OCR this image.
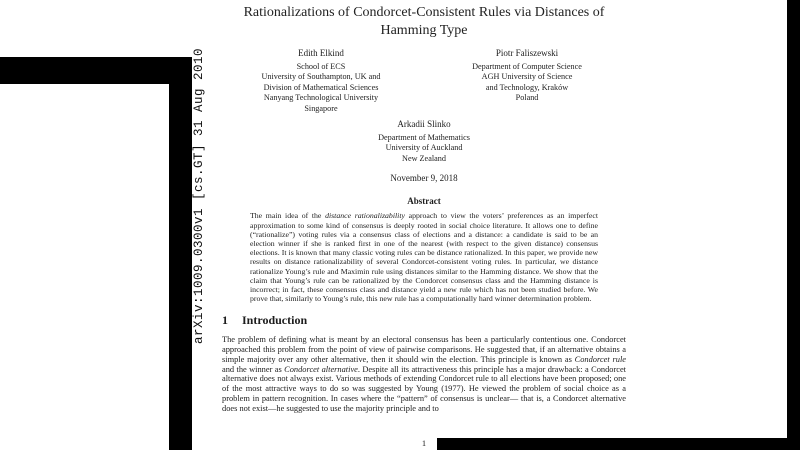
arXiv:1009.0300v1 [cs.GT] 31 Aug 2010
Rationalizations of Condorcet-Consistent Rules via Distances of
Hamming Type
Edith Elkind
School of ECS
University of Southampton, UK and
Division of Mathematical Sciences
Nanyang Technological University
Singapore
Piotr Faliszewski
Department of Computer Science
AGH University of Science
and Technology, Kraków
Poland
Arkadii Slinko
Department of Mathematics
University of Auckland
New Zealand
November 9, 2018
Abstract

The main idea of the distance rationalizability approach to view the voters’ preferences as an imperfect approximation to some kind of consensus is deeply rooted in social choice literature. It allows one to define (“rationalize”) voting rules via a consensus class of elections and a distance: a candidate is said to be an election winner if she is ranked first in one of the nearest (with respect to the given distance) consensus elections. It is known that many classic voting rules can be distance rationalized. In this paper, we provide new results on distance rationalizability of several Condorcet-consistent voting rules. In particular, we distance rationalize Young’s rule and Maximin rule using distances similar to the Hamming distance. We show that the claim that Young’s rule can be rationalized by the Condorcet consensus class and the Hamming distance is incorrect; in fact, these consensus class and distance yield a new rule which has not been studied before. We prove that, similarly to Young’s rule, this new rule has a computationally hard winner determination problem.

1 Introduction

The problem of defining what is meant by an electoral consensus has been a particularly contentious one. Condorcet approached this problem from the point of view of pairwise comparisons. He suggested that, if an alternative obtains a simple majority over any other alternative, then it should win the election. This principle is known as Condorcet rule and the winner as Condorcet alternative. Despite all its attractiveness this principle has a major drawback: a Condorcet alternative does not always exist. Various methods of extending Condorcet rule to all elections have been proposed; one of the most attractive ways to do so was suggested by Young (1977). He viewed the problem of social choice as a problem in pattern recognition. In cases where the “pattern” of consensus is unclear— that is, a Condorcet alternative does not exist—he suggested to use the majority principle and to

1
